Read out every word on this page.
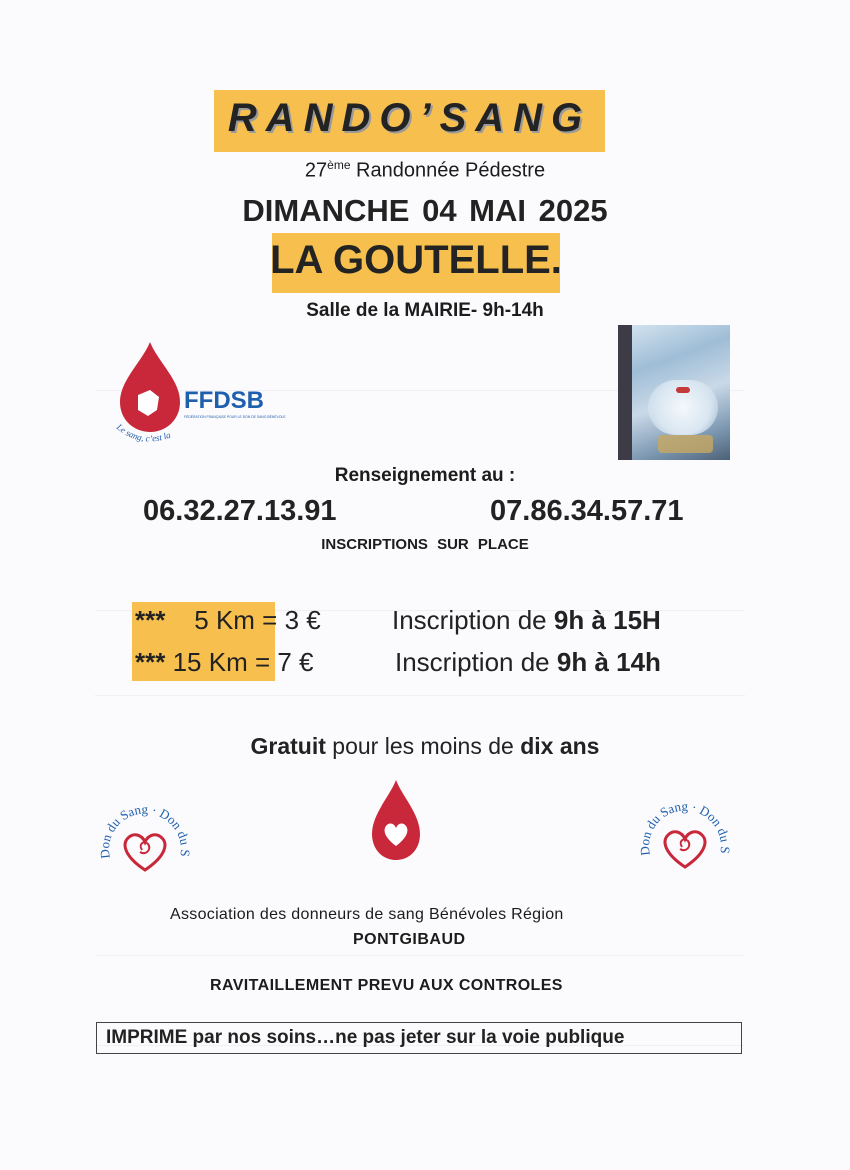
RANDO’SANG
27ème Randonnée Pédestre
DIMANCHE 04 MAI 2025
LA GOUTELLE.
Salle de la MAIRIE- 9h-14h
FFDSB
FÉDÉRATION FRANÇAISE POUR LE DON DE SANG BÉNÉVOLE
Le sang, c’est la
Renseignement au :
06.32.27.13.91	07.86.34.57.71
INSCRIPTIONS SUR PLACE
*** 5 Km = 3 €	Inscription de 9h à 15H
*** 15 Km = 7 €	Inscription de 9h à 14h
Gratuit pour les moins de dix ans
Don du Sang · Don du S	Don du Sang · Don du S
Association des donneurs de sang Bénévoles Région
PONTGIBAUD
RAVITAILLEMENT PREVU AUX CONTROLES
IMPRIME par nos soins…ne pas jeter sur la voie publique
